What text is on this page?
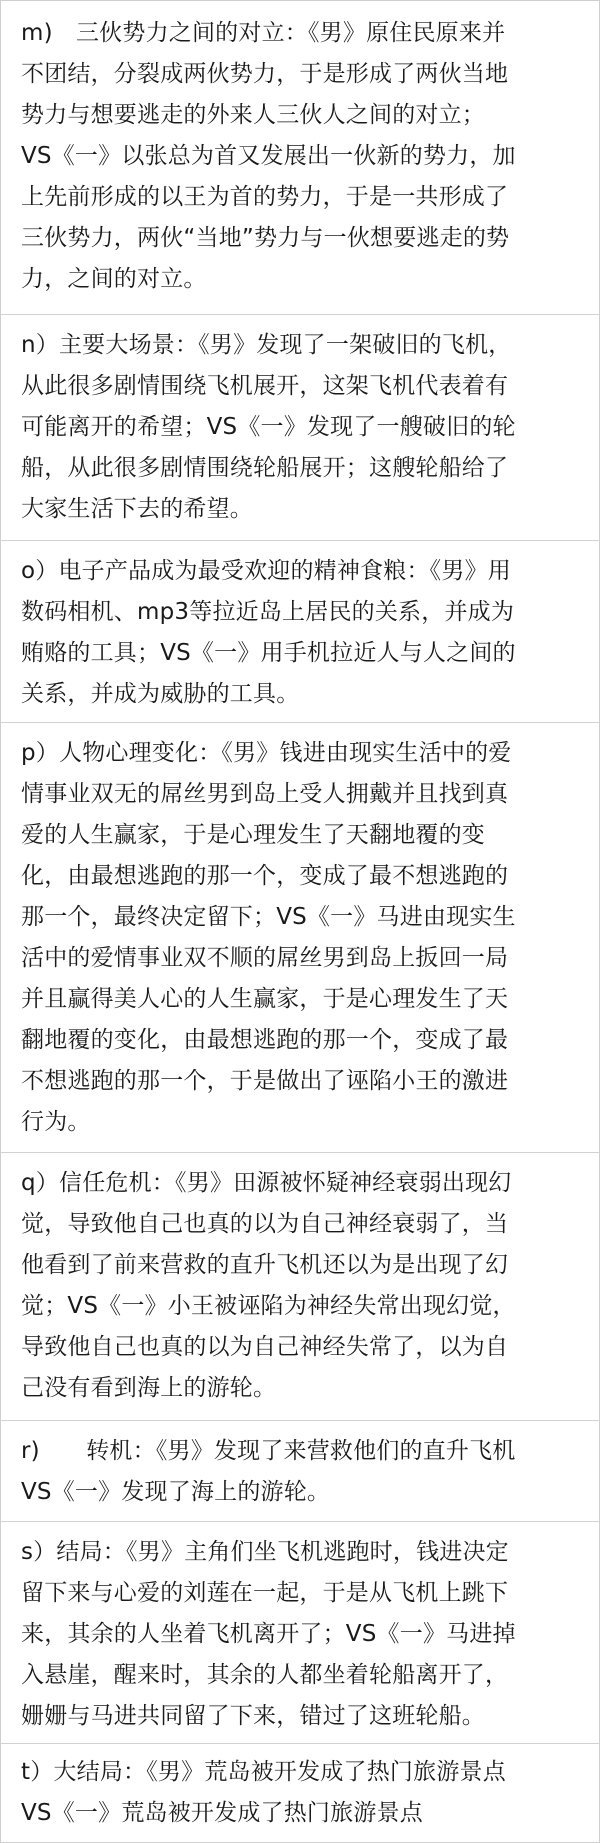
m)　三伙势力之间的对立：《男》原住民原来并
不团结，分裂成两伙势力，于是形成了两伙当地
势力与想要逃走的外来人三伙人之间的对立；
VS《一》以张总为首又发展出一伙新的势力，加
上先前形成的以王为首的势力，于是一共形成了
三伙势力，两伙“当地”势力与一伙想要逃走的势
力，之间的对立。
n）主要大场景：《男》发现了一架破旧的飞机，
从此很多剧情围绕飞机展开，这架飞机代表着有
可能离开的希望；VS《一》发现了一艘破旧的轮
船，从此很多剧情围绕轮船展开；这艘轮船给了
大家生活下去的希望。
o）电子产品成为最受欢迎的精神食粮：《男》用
数码相机、mp3等拉近岛上居民的关系，并成为
贿赂的工具；VS《一》用手机拉近人与人之间的
关系，并成为威胁的工具。
p）人物心理变化：《男》钱进由现实生活中的爱
情事业双无的屌丝男到岛上受人拥戴并且找到真
爱的人生赢家，于是心理发生了天翻地覆的变
化，由最想逃跑的那一个，变成了最不想逃跑的
那一个，最终决定留下；VS《一》马进由现实生
活中的爱情事业双不顺的屌丝男到岛上扳回一局
并且赢得美人心的人生赢家，于是心理发生了天
翻地覆的变化，由最想逃跑的那一个，变成了最
不想逃跑的那一个，于是做出了诬陷小王的激进
行为。
q）信任危机：《男》田源被怀疑神经衰弱出现幻
觉，导致他自己也真的以为自己神经衰弱了，当
他看到了前来营救的直升飞机还以为是出现了幻
觉；VS《一》小王被诬陷为神经失常出现幻觉，
导致他自己也真的以为自己神经失常了，以为自
己没有看到海上的游轮。
r)　　转机：《男》发现了来营救他们的直升飞机
VS《一》发现了海上的游轮。
s）结局：《男》主角们坐飞机逃跑时，钱进决定
留下来与心爱的刘莲在一起，于是从飞机上跳下
来，其余的人坐着飞机离开了；VS《一》马进掉
入悬崖，醒来时，其余的人都坐着轮船离开了，
姗姗与马进共同留了下来，错过了这班轮船。
t）大结局：《男》荒岛被开发成了热门旅游景点
VS《一》荒岛被开发成了热门旅游景点
